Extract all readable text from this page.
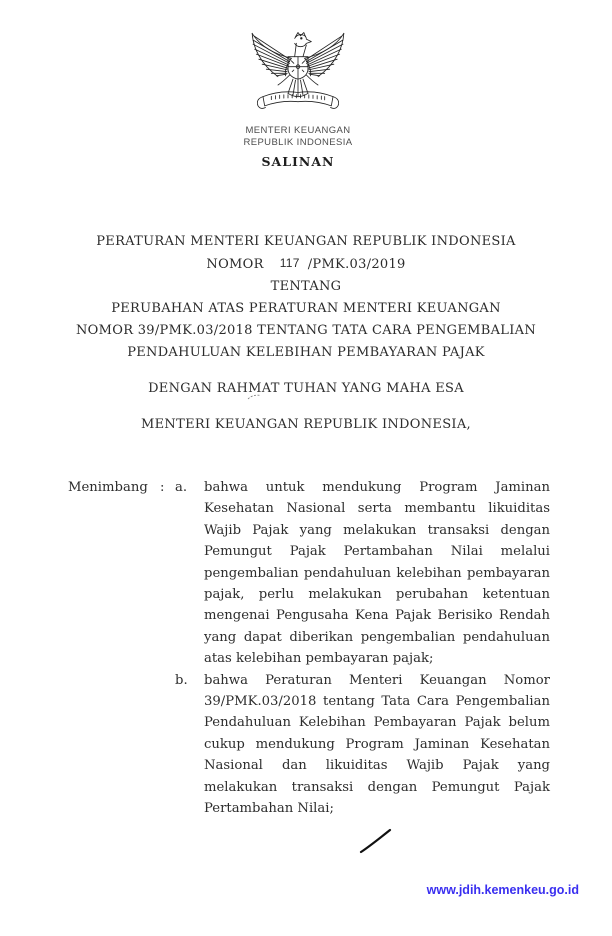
MENTERI KEUANGAN
REPUBLIK INDONESIA
SALINAN
PERATURAN MENTERI KEUANGAN REPUBLIK INDONESIA
NOMOR 117 /PMK.03/2019
TENTANG
PERUBAHAN ATAS PERATURAN MENTERI KEUANGAN
NOMOR 39/PMK.03/2018 TENTANG TATA CARA PENGEMBALIAN
PENDAHULUAN KELEBIHAN PEMBAYARAN PAJAK
DENGAN RAHMAT TUHAN YANG MAHA ESA
MENTERI KEUANGAN REPUBLIK INDONESIA,
Menimbang : a.	bahwa untuk mendukung Program Jaminan Kesehatan Nasional serta membantu likuiditas Wajib Pajak yang melakukan transaksi dengan Pemungut Pajak Pertambahan Nilai melalui pengembalian pendahuluan kelebihan pembayaran pajak, perlu melakukan perubahan ketentuan mengenai Pengusaha Kena Pajak Berisiko Rendah yang dapat diberikan pengembalian pendahuluan atas kelebihan pembayaran pajak;
b.	bahwa Peraturan Menteri Keuangan Nomor 39/⁠PMK.03/⁠2018 tentang Tata Cara Pengembalian Pendahuluan Kelebihan Pembayaran Pajak belum cukup mendukung Program Jaminan Kesehatan Nasional dan likuiditas Wajib Pajak yang melakukan transaksi dengan Pemungut Pajak Pertambahan Nilai;
www.jdih.kemenkeu.go.id
